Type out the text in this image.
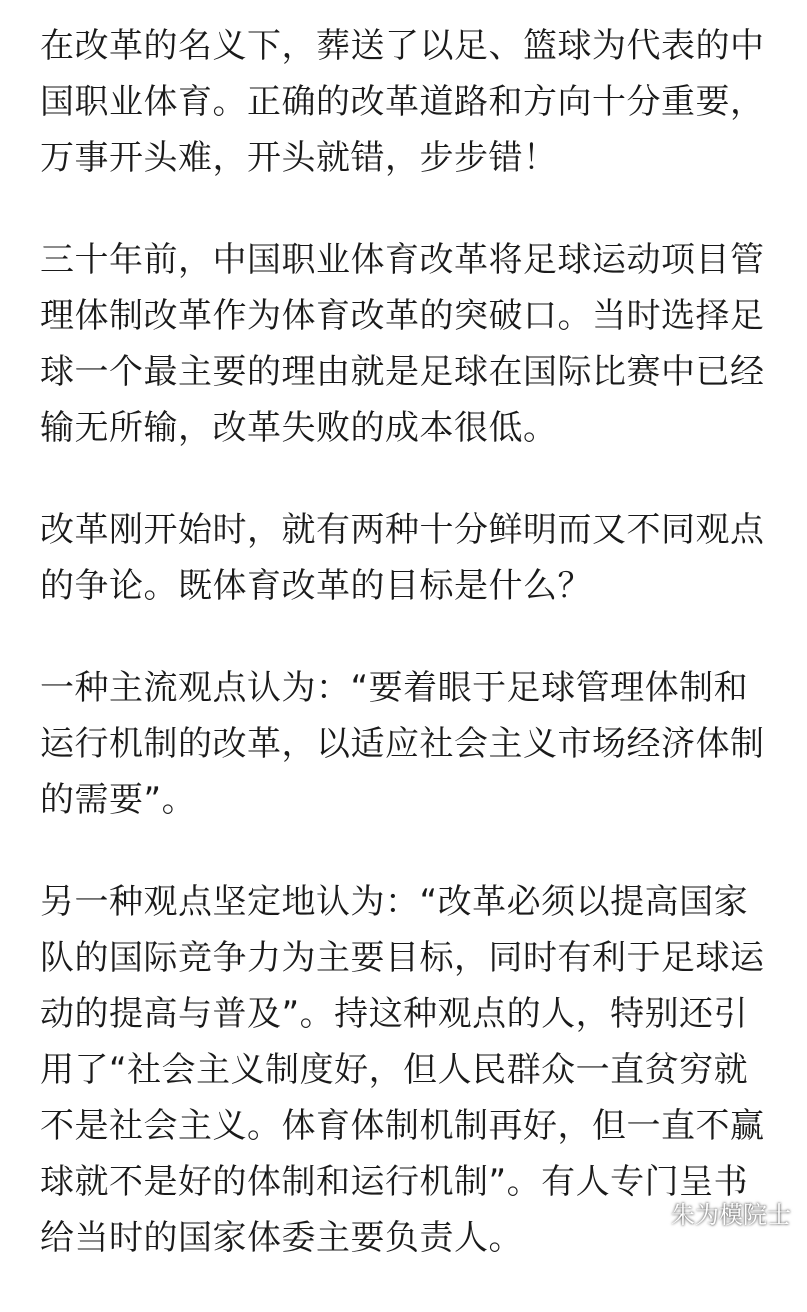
在改革的名义下，葬送了以足、篮球为代表的中
国职业体育。正确的改革道路和方向十分重要，
万事开头难，开头就错，步步错！

三十年前，中国职业体育改革将足球运动项目管
理体制改革作为体育改革的突破口。当时选择足
球一个最主要的理由就是足球在国际比赛中已经
输无所输，改革失败的成本很低。

改革刚开始时，就有两种十分鲜明而又不同观点
的争论。既体育改革的目标是什么？

一种主流观点认为：“要着眼于足球管理体制和
运行机制的改革，以适应社会主义市场经济体制
的需要”。

另一种观点坚定地认为：“改革必须以提高国家
队的国际竞争力为主要目标，同时有利于足球运
动的提高与普及”。持这种观点的人，特别还引
用了“社会主义制度好，但人民群众一直贫穷就
不是社会主义。体育体制机制再好，但一直不赢
球就不是好的体制和运行机制”。有人专门呈书
给当时的国家体委主要负责人。

朱为模院士
